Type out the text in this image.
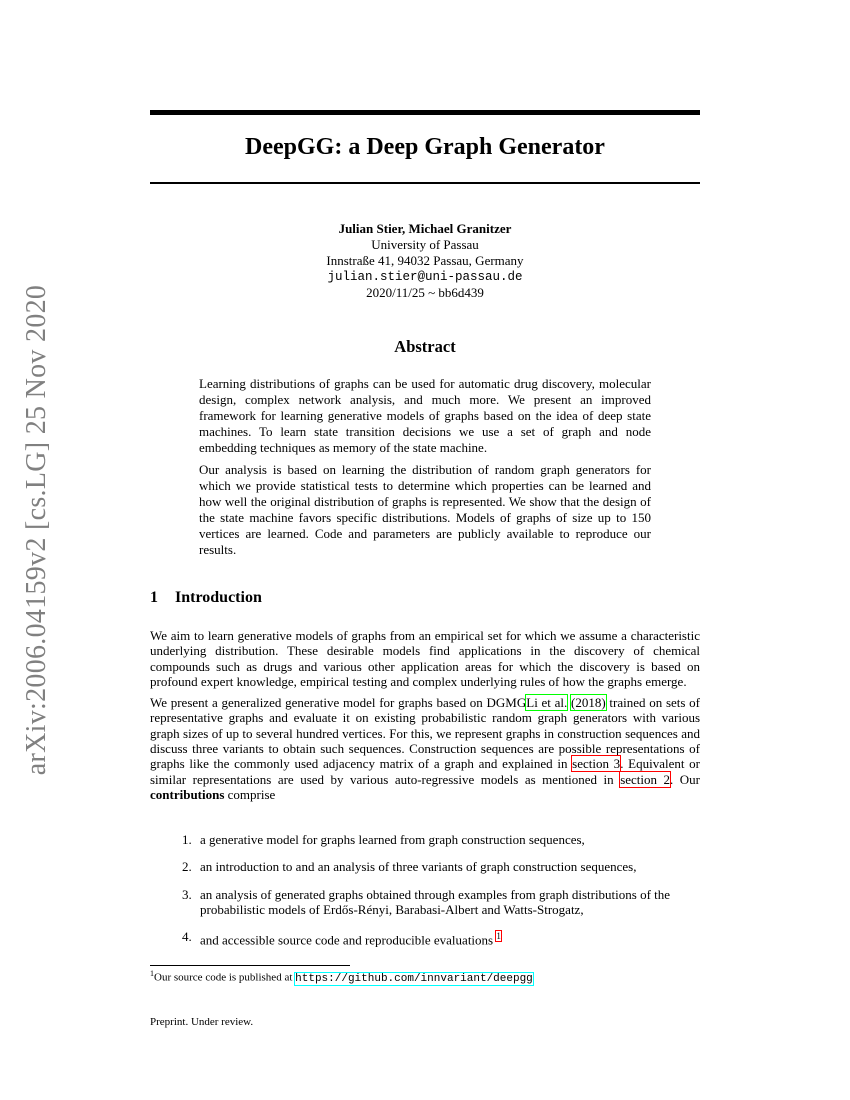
arXiv:2006.04159v2 [cs.LG] 25 Nov 2020
DeepGG: a Deep Graph Generator
Julian Stier, Michael Granitzer
University of Passau
Innstraße 41, 94032 Passau, Germany
julian.stier@uni-passau.de
2020/11/25 ~ bb6d439
Abstract

Learning distributions of graphs can be used for automatic drug discovery, molecular design, complex network analysis, and much more. We present an improved framework for learning generative models of graphs based on the idea of deep state machines. To learn state transition decisions we use a set of graph and node embedding techniques as memory of the state machine.

Our analysis is based on learning the distribution of random graph generators for which we provide statistical tests to determine which properties can be learned and how well the original distribution of graphs is represented. We show that the design of the state machine favors specific distributions. Models of graphs of size up to 150 vertices are learned. Code and parameters are publicly available to reproduce our results.

1 Introduction

We aim to learn generative models of graphs from an empirical set for which we assume a characteristic underlying distribution. These desirable models find applications in the discovery of chemical compounds such as drugs and various other application areas for which the discovery is based on profound expert knowledge, empirical testing and complex underlying rules of how the graphs emerge.

We present a generalized generative model for graphs based on DGMGLi et al. (2018) trained on sets of representative graphs and evaluate it on existing probabilistic random graph generators with various graph sizes of up to several hundred vertices. For this, we represent graphs in construction sequences and discuss three variants to obtain such sequences. Construction sequences are possible representations of graphs like the commonly used adjacency matrix of a graph and explained in section 3. Equivalent or similar representations are used by various auto-regressive models as mentioned in section 2. Our contributions comprise

1. a generative model for graphs learned from graph construction sequences,
2. an introduction to and an analysis of three variants of graph construction sequences,
3. an analysis of generated graphs obtained through examples from graph distributions of the probabilistic models of Erdős-Rényi, Barabasi-Albert and Watts-Strogatz,
4. and accessible source code and reproducible evaluations $^1$
$^1$Our source code is published at https://github.com/innvariant/deepgg
Preprint. Under review.
